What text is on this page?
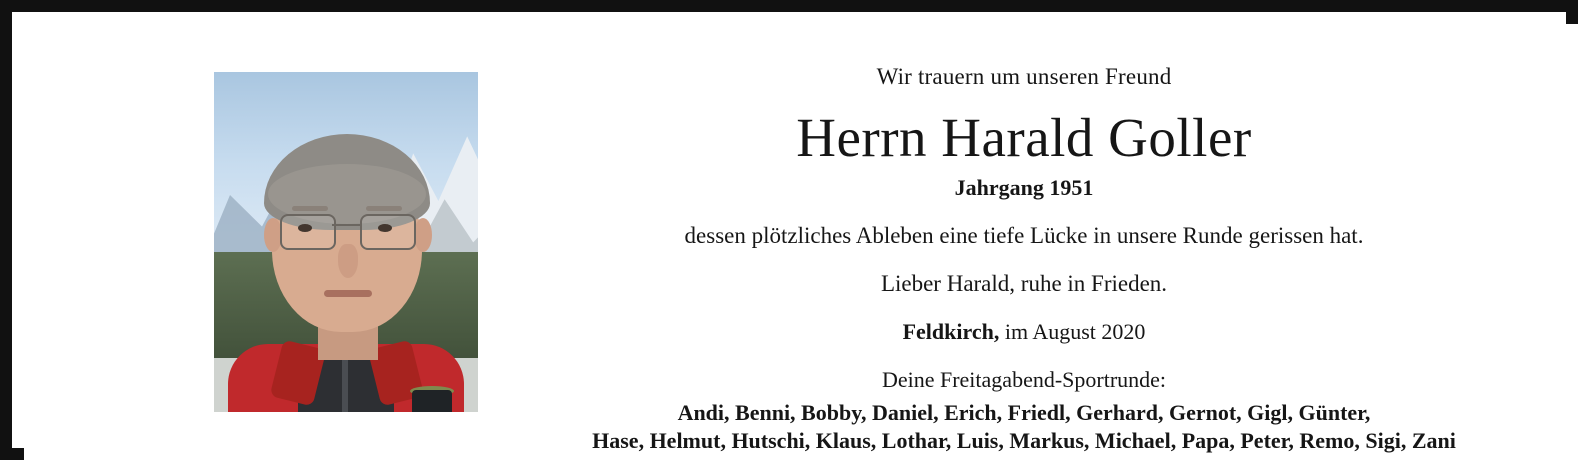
Wir trauern um unseren Freund
Herrn Harald Goller
Jahrgang 1951
dessen plötzliches Ableben eine tiefe Lücke in unsere Runde gerissen hat.
Lieber Harald, ruhe in Frieden.
Feldkirch, im August 2020
Deine Freitagabend-Sportrunde:
Andi, Benni, Bobby, Daniel, Erich, Friedl, Gerhard, Gernot, Gigl, Günter,
Hase, Helmut, Hutschi, Klaus, Lothar, Luis, Markus, Michael, Papa, Peter, Remo, Sigi, Zani
